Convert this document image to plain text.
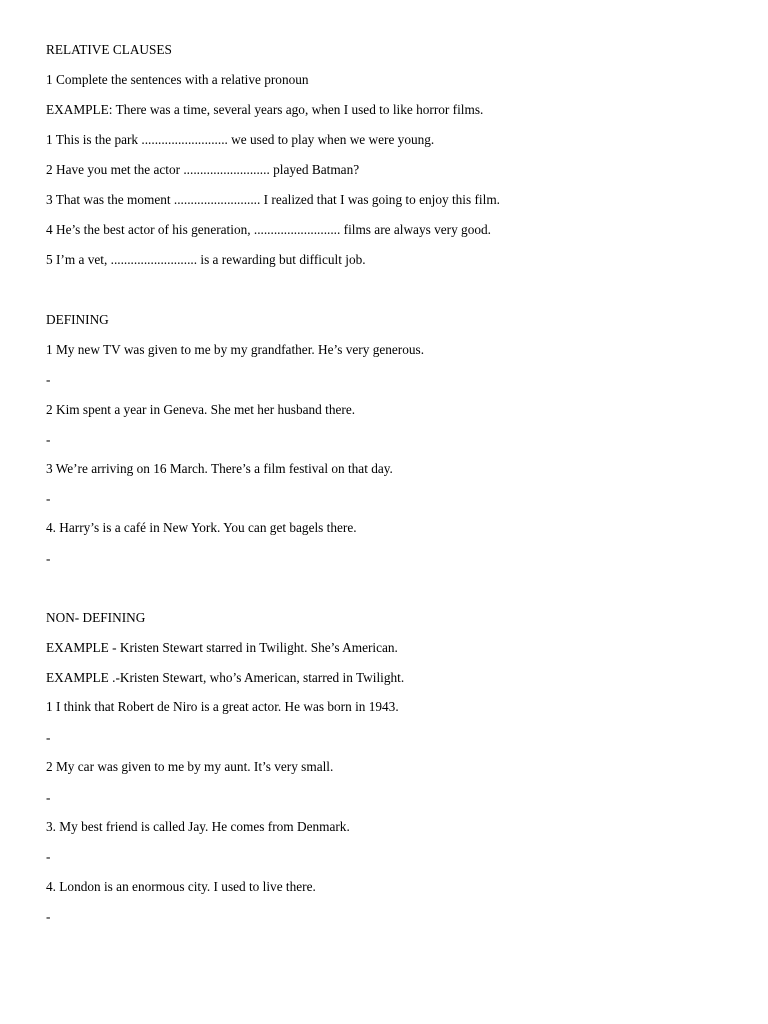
RELATIVE CLAUSES

1 Complete the sentences with a relative pronoun

EXAMPLE: There was a time, several years ago, when I used to like horror films.

1 This is the park .......................... we used to play when we were young.

2 Have you met the actor .......................... played Batman?

3 That was the moment .......................... I realized that I was going to enjoy this film.

4 He’s the best actor of his generation, .......................... films are always very good.

5 I’m a vet, .......................... is a rewarding but difficult job.

DEFINING

1 My new TV was given to me by my grandfather. He’s very generous.

-

2 Kim spent a year in Geneva. She met her husband there.

-

3 We’re arriving on 16 March. There’s a film festival on that day.

-

4. Harry’s is a café in New York. You can get bagels there.

-

NON- DEFINING

EXAMPLE - Kristen Stewart starred in Twilight. She’s American.

EXAMPLE .-Kristen Stewart, who’s American, starred in Twilight.

1 I think that Robert de Niro is a great actor. He was born in 1943.

-

2 My car was given to me by my aunt. It’s very small.

-

3. My best friend is called Jay. He comes from Denmark.

-

4. London is an enormous city. I used to live there.

-
